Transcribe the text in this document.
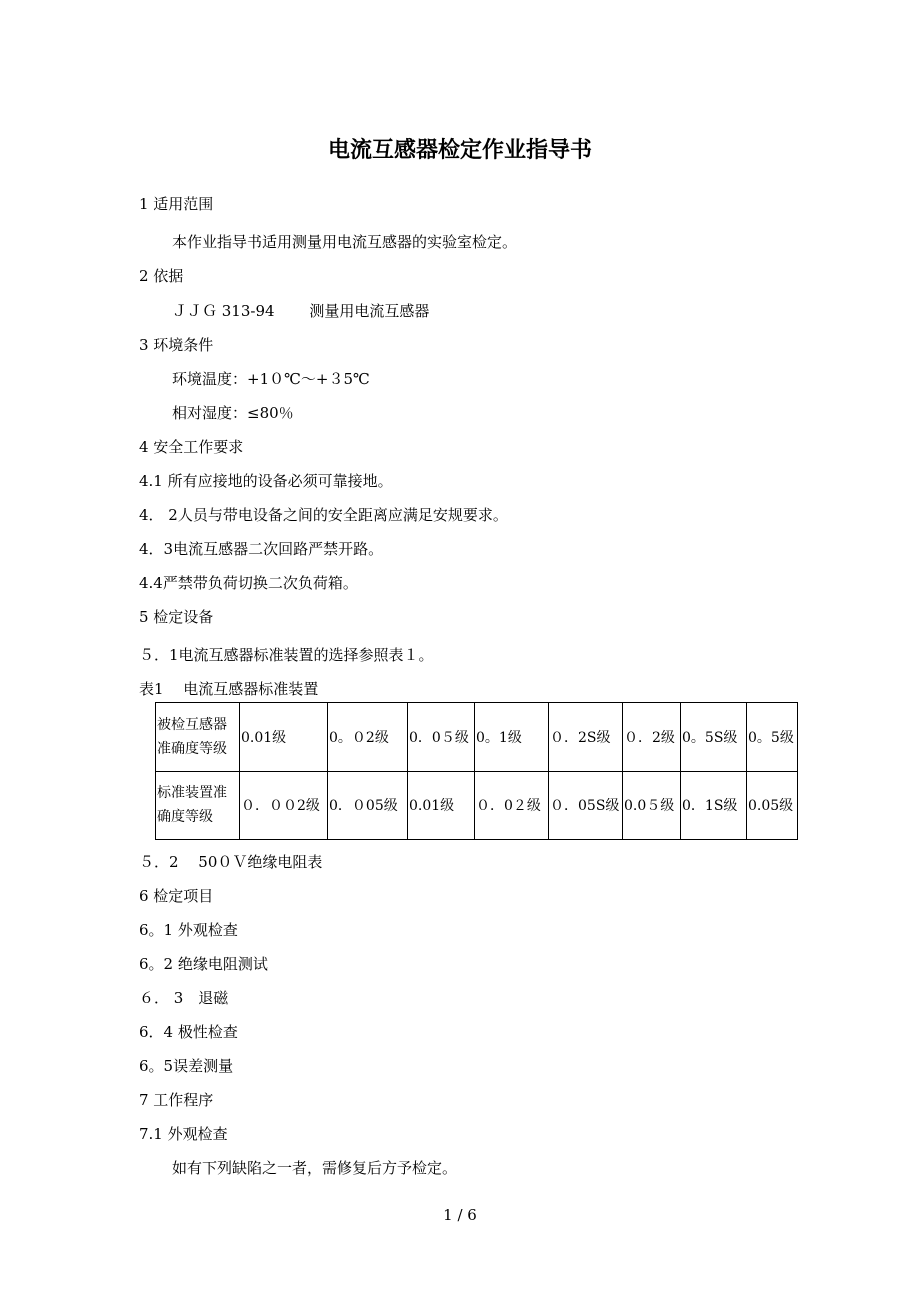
电流互感器检定作业指导书
1 适用范围
本作业指导书适用测量用电流互感器的实验室检定。
2 依据
ＪＪＧ 313-94　　 测量用电流互感器
3 环境条件
环境温度：+1０℃～+３5℃
相对湿度：≤80％
4 安全工作要求
4.1 所有应接地的设备必须可靠接地。
4． 2人员与带电设备之间的安全距离应满足安规要求。
4．3电流互感器二次回路严禁开路。
4.4严禁带负荷切换二次负荷箱。
5 检定设备
５．1电流互感器标准装置的选择参照表１。
表1　 电流互感器标准装置
被检互感器准确度等级	0.01级	0。０2级	0．0５级	0。1级	０．2S级	０．2级	0。5S级	0。5级
标准装置准确度等级	０．００2级	0．０05级	0.01级	０．0２级	０．05S级	0.0５级	0．1S级	0.05级
５．2　 50０Ｖ绝缘电阻表
6 检定项目
6。1 外观检查
6。2 绝缘电阻测试
６． 3　退磁
6．4 极性检查
6。5误差测量
7 工作程序
7.1 外观检查
如有下列缺陷之一者，需修复后方予检定。
1 / 6
